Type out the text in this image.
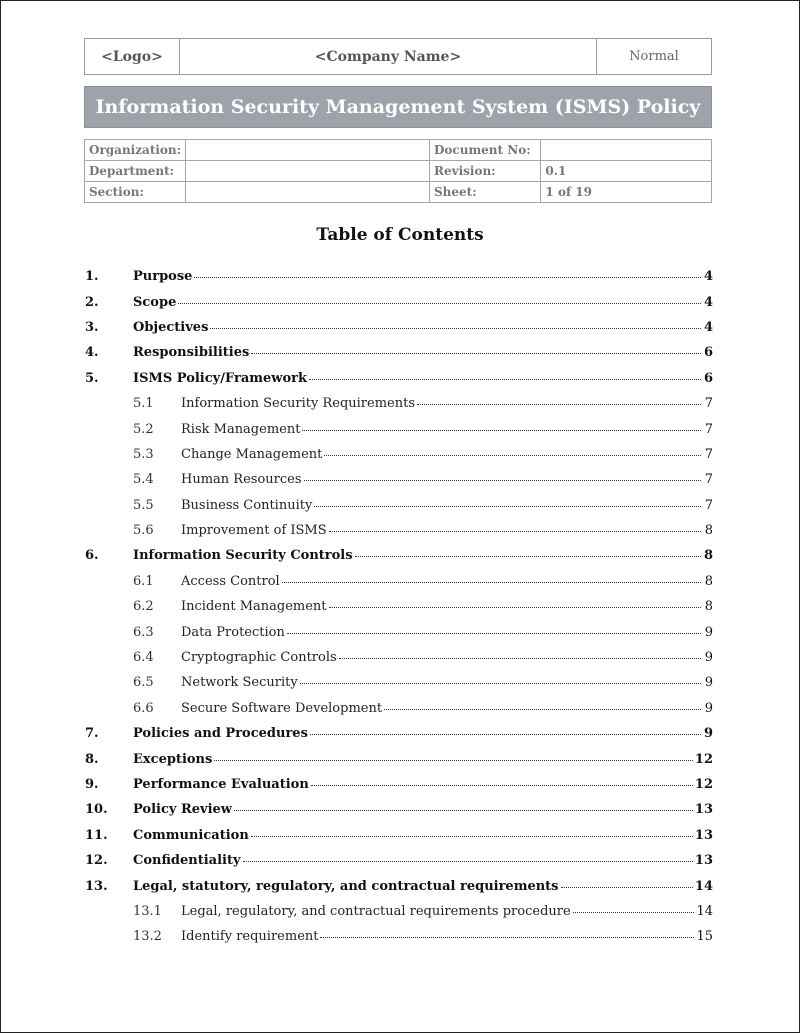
<Logo>	<Company Name>	Normal
Information Security Management System (ISMS) Policy
Organization:		Document No:	
Department:		Revision:	0.1
Section:		Sheet:	1 of 19
Table of Contents
1.	Purpose	4
2.	Scope	4
3.	Objectives	4
4.	Responsibilities	6
5.	ISMS Policy/Framework	6
5.1	Information Security Requirements	7
5.2	Risk Management	7
5.3	Change Management	7
5.4	Human Resources	7
5.5	Business Continuity	7
5.6	Improvement of ISMS	8
6.	Information Security Controls	8
6.1	Access Control	8
6.2	Incident Management	8
6.3	Data Protection	9
6.4	Cryptographic Controls	9
6.5	Network Security	9
6.6	Secure Software Development	9
7.	Policies and Procedures	9
8.	Exceptions	12
9.	Performance Evaluation	12
10.	Policy Review	13
11.	Communication	13
12.	Confidentiality	13
13.	Legal, statutory, regulatory, and contractual requirements	14
13.1	Legal, regulatory, and contractual requirements procedure	14
13.2	Identify requirement	15
